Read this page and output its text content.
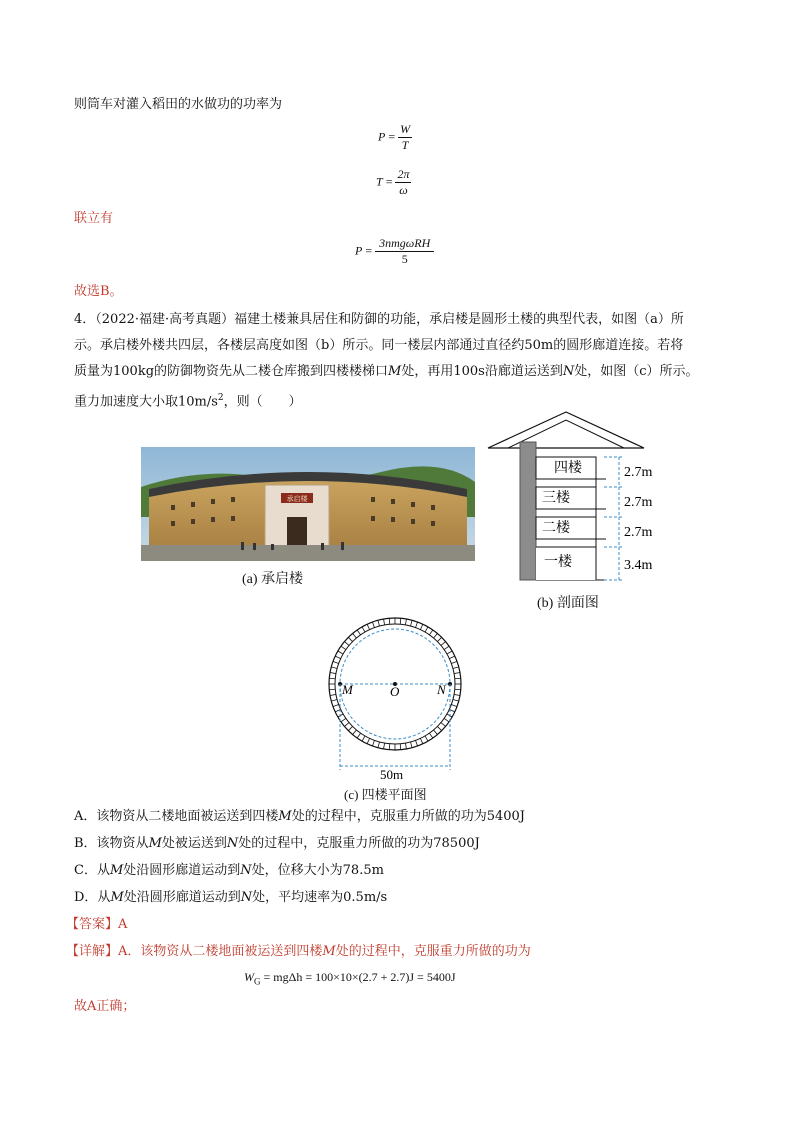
则筒车对灌入稻田的水做功的功率为
$P = \frac{W}{T}$
$T = \frac{2\pi}{\omega}$
联立有
$P = \frac{\text{3nmgωRH}}{5}$
故选B。
4．（2022·福建·高考真题）福建土楼兼具居住和防御的功能，承启楼是圆形土楼的典型代表，如图（a）所
示。承启楼外楼共四层，各楼层高度如图（b）所示。同一楼层内部通过直径约50m的圆形廊道连接。若将
质量为100kg的防御物资先从二楼仓库搬到四楼楼梯口M处，再用100s沿廊道运送到N处，如图（c）所示。
重力加速度大小取$10m/s^2$，则（　　）
承启楼
(a) 承启楼
四楼
三楼
二楼
一楼
2.7m
2.7m
2.7m
3.4m
(b) 剖面图
M	O	N
50m
(c) 四楼平面图
A．该物资从二楼地面被运送到四楼M处的过程中，克服重力所做的功为5400J
B．该物资从M处被运送到N处的过程中，克服重力所做的功为78500J
C．从M处沿圆形廊道运动到N处，位移大小为78.5m
D．从M处沿圆形廊道运动到N处，平均速率为0.5m/s
【答案】A
【详解】A．该物资从二楼地面被运送到四楼M处的过程中，克服重力所做的功为
$W_G = mg\Delta h = 100\times 10\times(2.7 + 2.7)J = 5400J$
故A正确；
